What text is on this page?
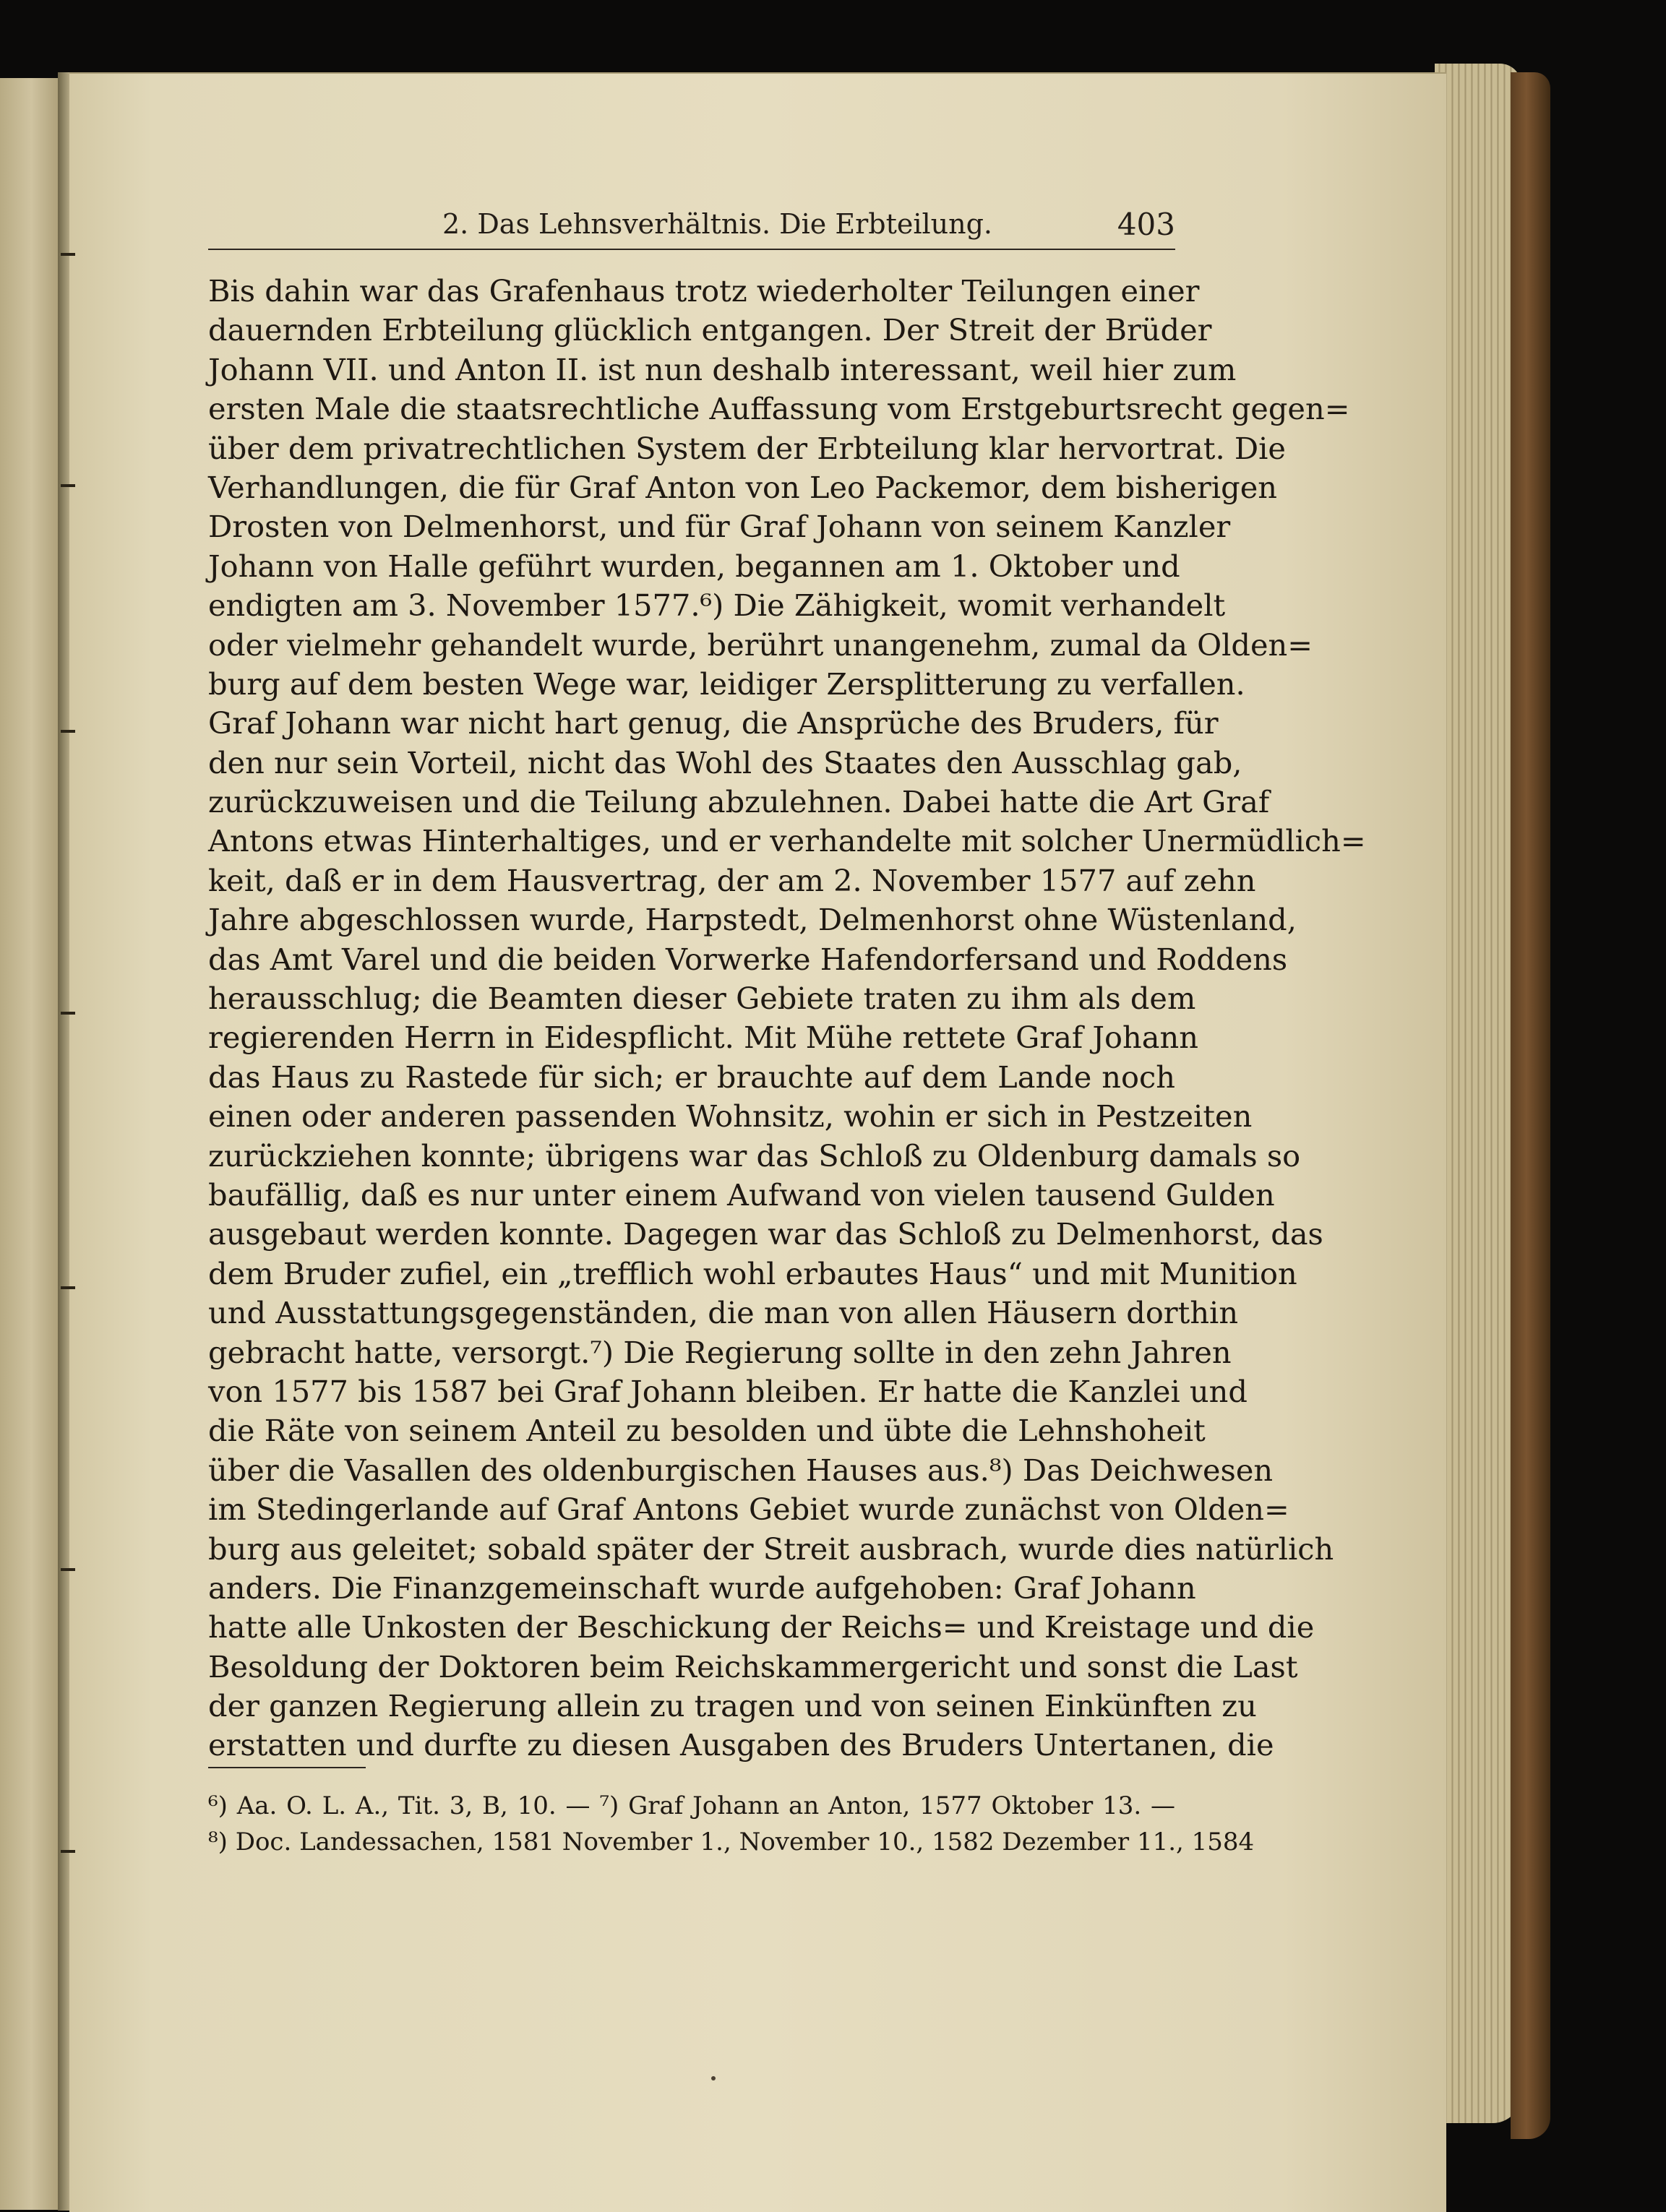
2. Das Lehnsverhältnis. Die Erbteilung.	403
Bis dahin war das Grafenhaus trotz wiederholter Teilungen einer
dauernden Erbteilung glücklich entgangen. Der Streit der Brüder
Johann VII. und Anton II. ist nun deshalb interessant, weil hier zum
ersten Male die staatsrechtliche Auffassung vom Erstgeburtsrecht gegen=
über dem privatrechtlichen System der Erbteilung klar hervortrat. Die
Verhandlungen, die für Graf Anton von Leo Packemor, dem bisherigen
Drosten von Delmenhorst, und für Graf Johann von seinem Kanzler
Johann von Halle geführt wurden, begannen am 1. Oktober und
endigten am 3. November 1577.⁶) Die Zähigkeit, womit verhandelt
oder vielmehr gehandelt wurde, berührt unangenehm, zumal da Olden=
burg auf dem besten Wege war, leidiger Zersplitterung zu verfallen.
Graf Johann war nicht hart genug, die Ansprüche des Bruders, für
den nur sein Vorteil, nicht das Wohl des Staates den Ausschlag gab,
zurückzuweisen und die Teilung abzulehnen. Dabei hatte die Art Graf
Antons etwas Hinterhaltiges, und er verhandelte mit solcher Unermüdlich=
keit, daß er in dem Hausvertrag, der am 2. November 1577 auf zehn
Jahre abgeschlossen wurde, Harpstedt, Delmenhorst ohne Wüstenland,
das Amt Varel und die beiden Vorwerke Hafendorfersand und Roddens
herausschlug; die Beamten dieser Gebiete traten zu ihm als dem
regierenden Herrn in Eidespflicht. Mit Mühe rettete Graf Johann
das Haus zu Rastede für sich; er brauchte auf dem Lande noch
einen oder anderen passenden Wohnsitz, wohin er sich in Pestzeiten
zurückziehen konnte; übrigens war das Schloß zu Oldenburg damals so
baufällig, daß es nur unter einem Aufwand von vielen tausend Gulden
ausgebaut werden konnte. Dagegen war das Schloß zu Delmenhorst, das
dem Bruder zufiel, ein „trefflich wohl erbautes Haus“ und mit Munition
und Ausstattungsgegenständen, die man von allen Häusern dorthin
gebracht hatte, versorgt.⁷) Die Regierung sollte in den zehn Jahren
von 1577 bis 1587 bei Graf Johann bleiben. Er hatte die Kanzlei und
die Räte von seinem Anteil zu besolden und übte die Lehnshoheit
über die Vasallen des oldenburgischen Hauses aus.⁸) Das Deichwesen
im Stedingerlande auf Graf Antons Gebiet wurde zunächst von Olden=
burg aus geleitet; sobald später der Streit ausbrach, wurde dies natürlich
anders. Die Finanzgemeinschaft wurde aufgehoben: Graf Johann
hatte alle Unkosten der Beschickung der Reichs= und Kreistage und die
Besoldung der Doktoren beim Reichskammergericht und sonst die Last
der ganzen Regierung allein zu tragen und von seinen Einkünften zu
erstatten und durfte zu diesen Ausgaben des Bruders Untertanen, die
⁶) Aa. O. L. A., Tit. 3, B, 10. — ⁷) Graf Johann an Anton, 1577 Oktober 13. —
⁸) Doc. Landessachen, 1581 November 1., November 10., 1582 Dezember 11., 1584
